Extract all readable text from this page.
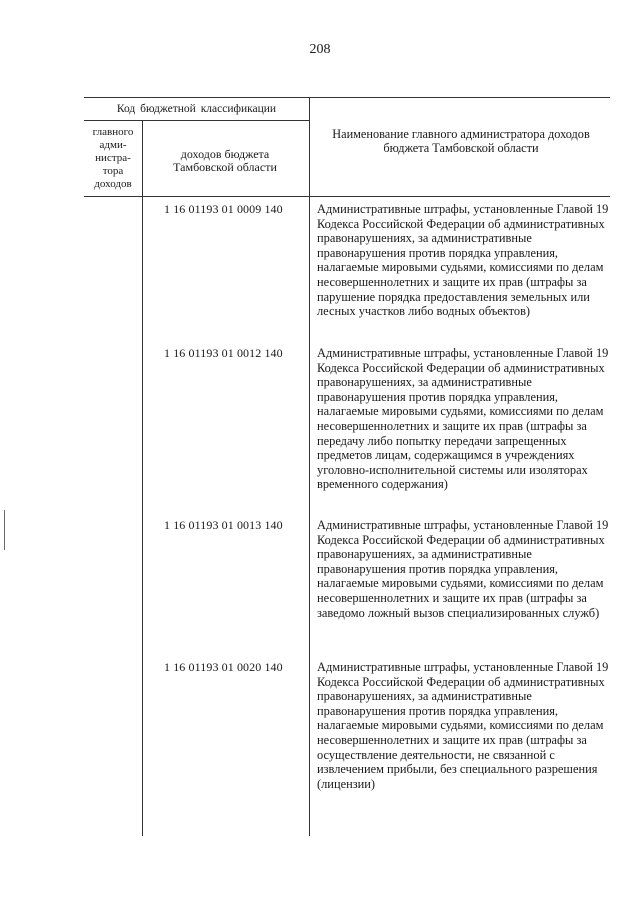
208
Код бюджетной классификации
главного адми-нистра-тора доходов
доходов бюджета Тамбовской области
Наименование главного администратора доходов бюджета Тамбовской области
1 16 01193 01 0009 140	Административные штрафы, установленные Главой 19 Кодекса Российской Федерации об административных правонарушениях, за административные правонарушения против порядка управления, налагаемые мировыми судьями, комиссиями по делам несовершеннолетних и защите их прав (штрафы за парушение порядка предоставления земельных или лесных участков либо водных объектов)
1 16 01193 01 0012 140	Административные штрафы, установленные Главой 19 Кодекса Российской Федерации об административных правонарушениях, за административные правонарушения против порядка управления, налагаемые мировыми судьями, комиссиями по делам несовершеннолетних и защите их прав (штрафы за передачу либо попытку передачи запрещенных предметов лицам, содержащимся в учреждениях уголовно-исполнительной системы или изоляторах временного содержания)
1 16 01193 01 0013 140	Административные штрафы, установленные Главой 19 Кодекса Российской Федерации об административных правонарушениях, за административные правонарушения против порядка управления, налагаемые мировыми судьями, комиссиями по делам несовершеннолетних и защите их прав (штрафы за заведомо ложный вызов специализированных служб)
1 16 01193 01 0020 140	Административные штрафы, установленные Главой 19 Кодекса Российской Федерации об административных правонарушениях, за административные правонарушения против порядка управления, налагаемые мировыми судьями, комиссиями по делам несовершеннолетних и защите их прав (штрафы за осуществление деятельности, не связанной с извлечением прибыли, без специального разрешения (лицензии)
